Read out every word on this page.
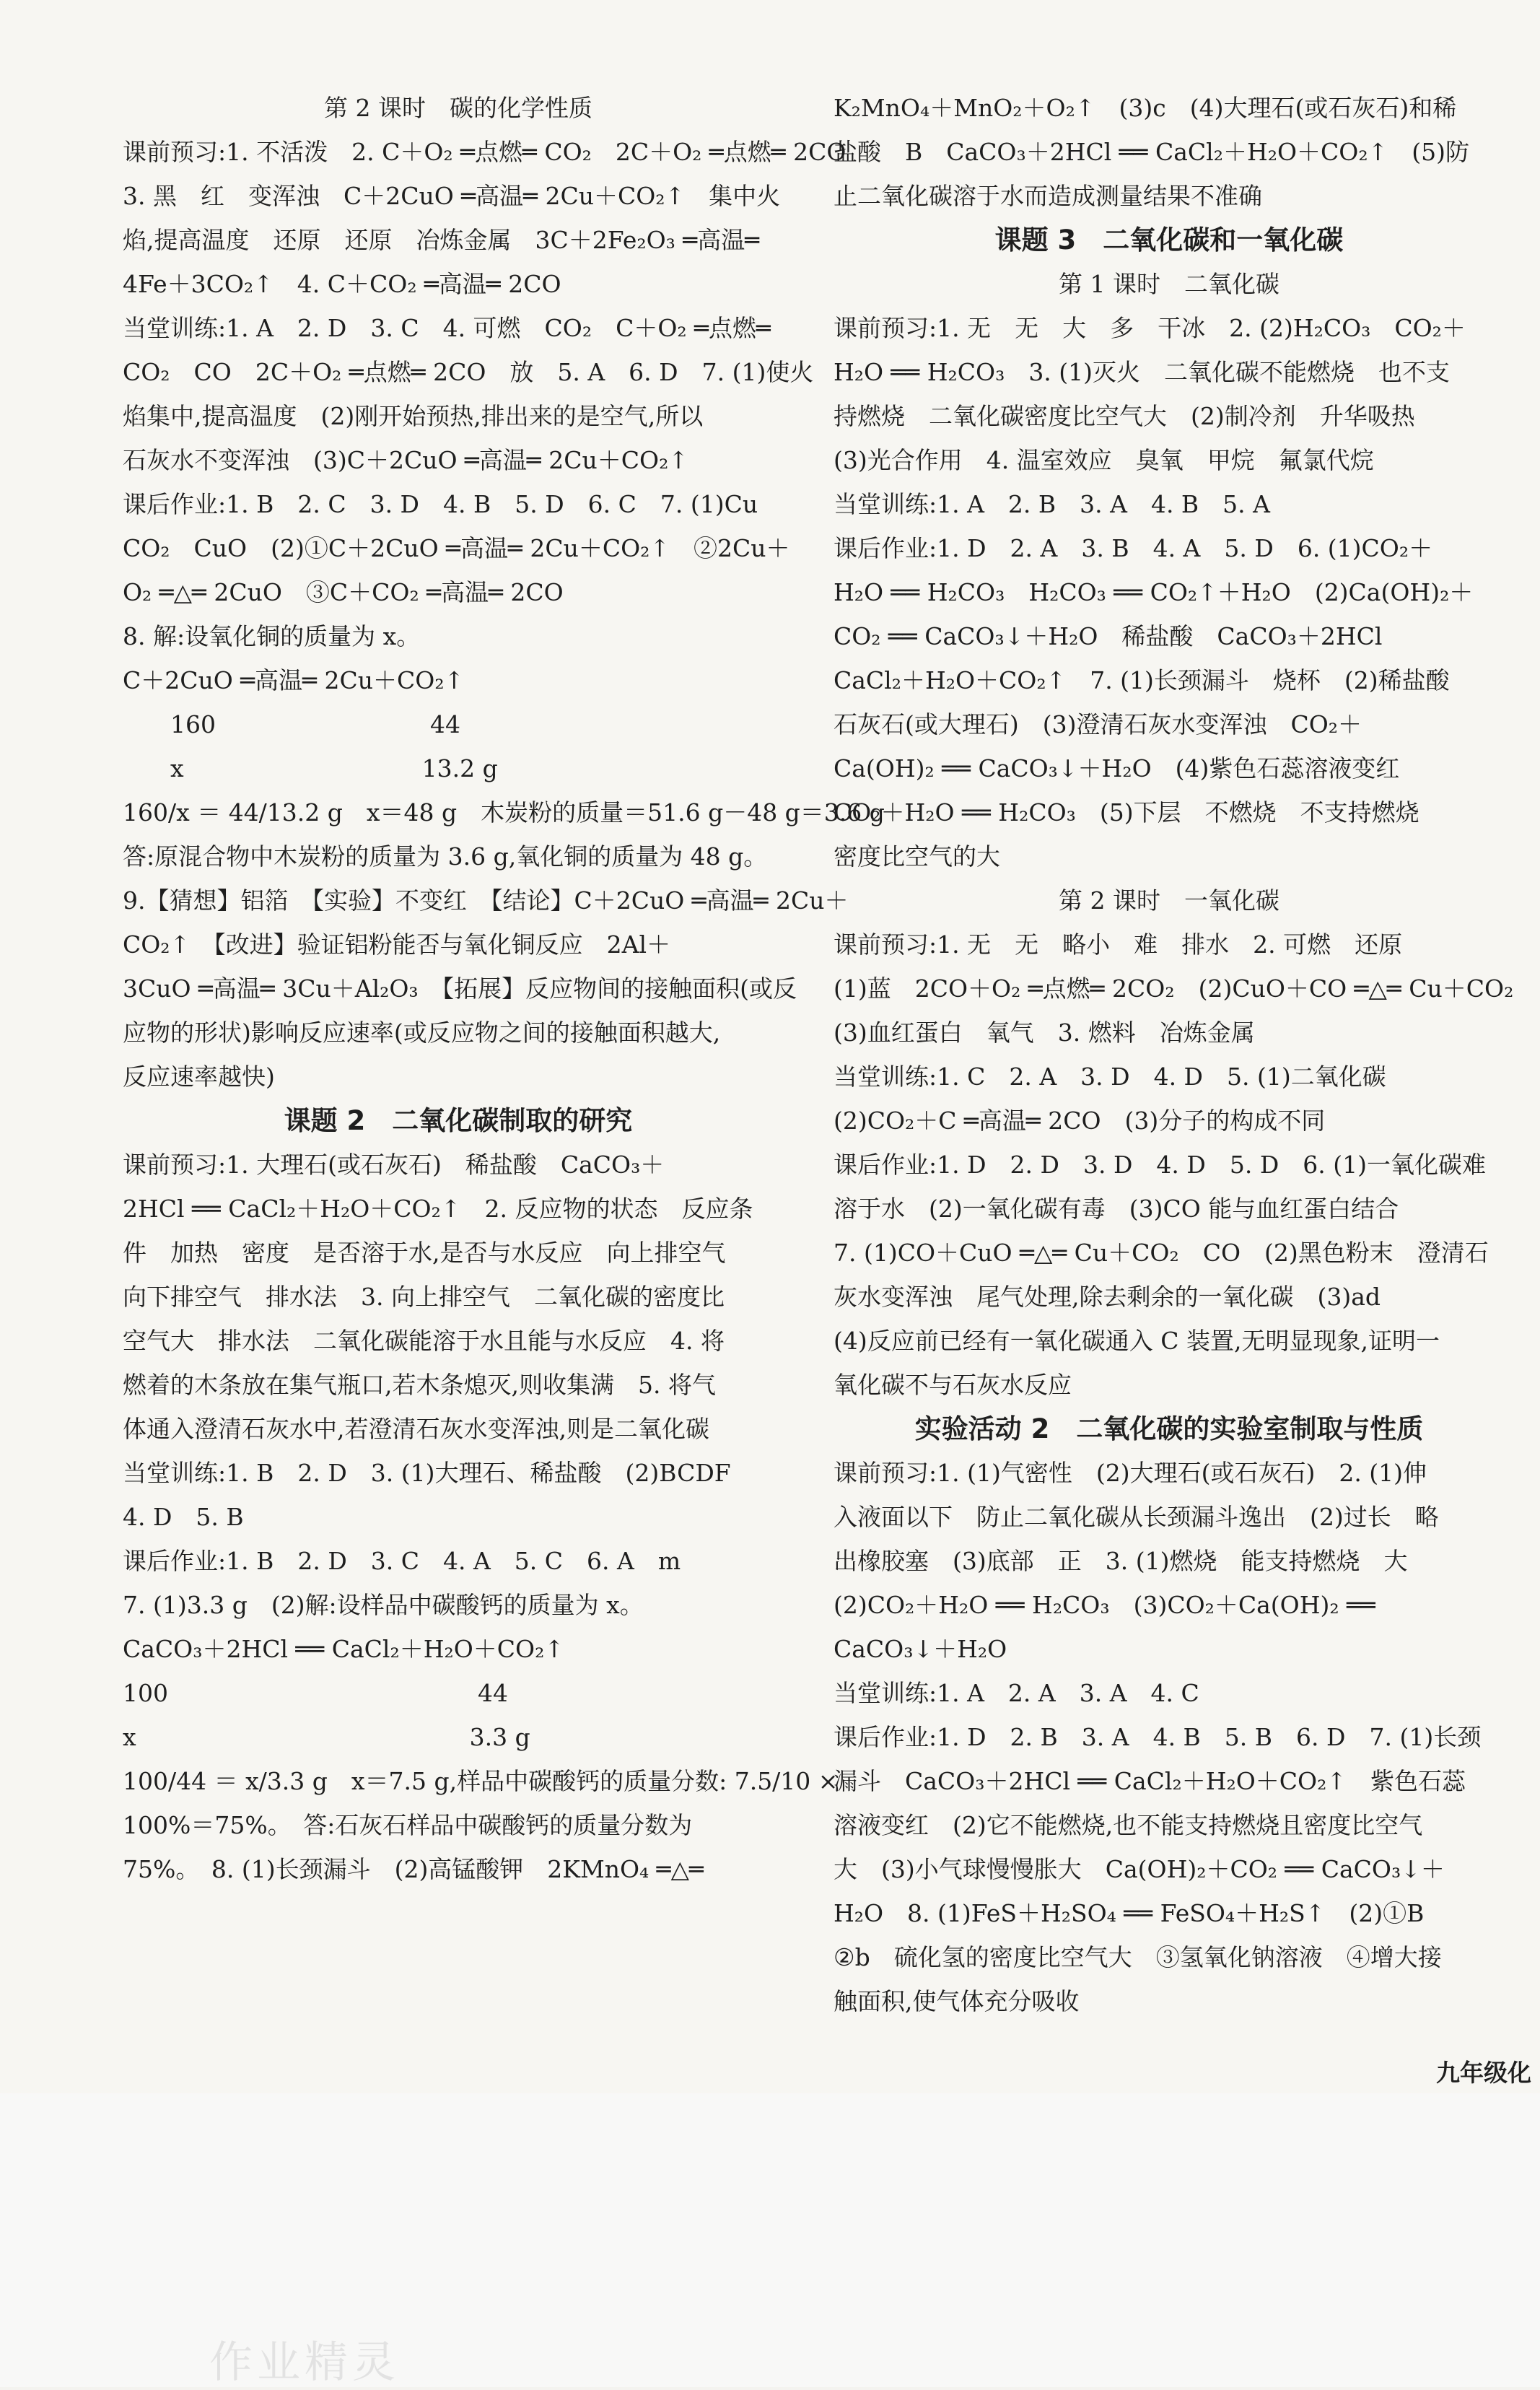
第 2 课时　碳的化学性质
课前预习:1. 不活泼　2. C＋O₂ ═点燃═ CO₂　2C＋O₂ ═点燃═ 2CO
3. 黑　红　变浑浊　C＋2CuO ═高温═ 2Cu＋CO₂↑　集中火
焰,提高温度　还原　还原　冶炼金属　3C＋2Fe₂O₃ ═高温═
4Fe＋3CO₂↑　4. C＋CO₂ ═高温═ 2CO
当堂训练:1. A　2. D　3. C　4. 可燃　CO₂　C＋O₂ ═点燃═
CO₂　CO　2C＋O₂ ═点燃═ 2CO　放　5. A　6. D　7. (1)使火
焰集中,提高温度　(2)刚开始预热,排出来的是空气,所以
石灰水不变浑浊　(3)C＋2CuO ═高温═ 2Cu＋CO₂↑
课后作业:1. B　2. C　3. D　4. B　5. D　6. C　7. (1)Cu
CO₂　CuO　(2)①C＋2CuO ═高温═ 2Cu＋CO₂↑　②2Cu＋
O₂ ═△═ 2CuO　③C＋CO₂ ═高温═ 2CO
8. 解:设氧化铜的质量为 x。
C＋2CuO ═高温═ 2Cu＋CO₂↑
　　160　　　　　　　　　44
　　x　　　　　　　　　　13.2 g
160/x ＝ 44/13.2 g　x＝48 g　木炭粉的质量＝51.6 g－48 g＝3.6 g
答:原混合物中木炭粉的质量为 3.6 g,氧化铜的质量为 48 g。
9.【猜想】铝箔　【实验】不变红　【结论】C＋2CuO ═高温═ 2Cu＋
CO₂↑　【改进】验证铝粉能否与氧化铜反应　2Al＋
3CuO ═高温═ 3Cu＋Al₂O₃　【拓展】反应物间的接触面积(或反
应物的形状)影响反应速率(或反应物之间的接触面积越大,
反应速率越快)
课题 2　二氧化碳制取的研究
课前预习:1. 大理石(或石灰石)　稀盐酸　CaCO₃＋
2HCl ══ CaCl₂＋H₂O＋CO₂↑　2. 反应物的状态　反应条
件　加热　密度　是否溶于水,是否与水反应　向上排空气
向下排空气　排水法　3. 向上排空气　二氧化碳的密度比
空气大　排水法　二氧化碳能溶于水且能与水反应　4. 将
燃着的木条放在集气瓶口,若木条熄灭,则收集满　5. 将气
体通入澄清石灰水中,若澄清石灰水变浑浊,则是二氧化碳
当堂训练:1. B　2. D　3. (1)大理石、稀盐酸　(2)BCDF
4. D　5. B
课后作业:1. B　2. D　3. C　4. A　5. C　6. A　m
7. (1)3.3 g　(2)解:设样品中碳酸钙的质量为 x。
CaCO₃＋2HCl ══ CaCl₂＋H₂O＋CO₂↑
100　　　　　　　　　　　　　44
x　　　　　　　　　　　　　　3.3 g
100/44 ＝ x/3.3 g　x＝7.5 g,样品中碳酸钙的质量分数: 7.5/10 ×
100%＝75%。　答:石灰石样品中碳酸钙的质量分数为
75%。　8. (1)长颈漏斗　(2)高锰酸钾　2KMnO₄ ═△═
K₂MnO₄＋MnO₂＋O₂↑　(3)c　(4)大理石(或石灰石)和稀
盐酸　B　CaCO₃＋2HCl ══ CaCl₂＋H₂O＋CO₂↑　(5)防
止二氧化碳溶于水而造成测量结果不准确
课题 3　二氧化碳和一氧化碳
第 1 课时　二氧化碳
课前预习:1. 无　无　大　多　干冰　2. (2)H₂CO₃　CO₂＋
H₂O ══ H₂CO₃　3. (1)灭火　二氧化碳不能燃烧　也不支
持燃烧　二氧化碳密度比空气大　(2)制冷剂　升华吸热
(3)光合作用　4. 温室效应　臭氧　甲烷　氟氯代烷
当堂训练:1. A　2. B　3. A　4. B　5. A
课后作业:1. D　2. A　3. B　4. A　5. D　6. (1)CO₂＋
H₂O ══ H₂CO₃　H₂CO₃ ══ CO₂↑＋H₂O　(2)Ca(OH)₂＋
CO₂ ══ CaCO₃↓＋H₂O　稀盐酸　CaCO₃＋2HCl
CaCl₂＋H₂O＋CO₂↑　7. (1)长颈漏斗　烧杯　(2)稀盐酸
石灰石(或大理石)　(3)澄清石灰水变浑浊　CO₂＋
Ca(OH)₂ ══ CaCO₃↓＋H₂O　(4)紫色石蕊溶液变红
CO₂＋H₂O ══ H₂CO₃　(5)下层　不燃烧　不支持燃烧
密度比空气的大
第 2 课时　一氧化碳
课前预习:1. 无　无　略小　难　排水　2. 可燃　还原
(1)蓝　2CO＋O₂ ═点燃═ 2CO₂　(2)CuO＋CO ═△═ Cu＋CO₂
(3)血红蛋白　氧气　3. 燃料　冶炼金属
当堂训练:1. C　2. A　3. D　4. D　5. (1)二氧化碳
(2)CO₂＋C ═高温═ 2CO　(3)分子的构成不同
课后作业:1. D　2. D　3. D　4. D　5. D　6. (1)一氧化碳难
溶于水　(2)一氧化碳有毒　(3)CO 能与血红蛋白结合
7. (1)CO＋CuO ═△═ Cu＋CO₂　CO　(2)黑色粉末　澄清石
灰水变浑浊　尾气处理,除去剩余的一氧化碳　(3)ad
(4)反应前已经有一氧化碳通入 C 装置,无明显现象,证明一
氧化碳不与石灰水反应
实验活动 2　二氧化碳的实验室制取与性质
课前预习:1. (1)气密性　(2)大理石(或石灰石)　2. (1)伸
入液面以下　防止二氧化碳从长颈漏斗逸出　(2)过长　略
出橡胶塞　(3)底部　正　3. (1)燃烧　能支持燃烧　大
(2)CO₂＋H₂O ══ H₂CO₃　(3)CO₂＋Ca(OH)₂ ══
CaCO₃↓＋H₂O
当堂训练:1. A　2. A　3. A　4. C
课后作业:1. D　2. B　3. A　4. B　5. B　6. D　7. (1)长颈
漏斗　CaCO₃＋2HCl ══ CaCl₂＋H₂O＋CO₂↑　紫色石蕊
溶液变红　(2)它不能燃烧,也不能支持燃烧且密度比空气
大　(3)小气球慢慢胀大　Ca(OH)₂＋CO₂ ══ CaCO₃↓＋
H₂O　8. (1)FeS＋H₂SO₄ ══ FeSO₄＋H₂S↑　(2)①B
②b　硫化氢的密度比空气大　③氢氧化钠溶液　④增大接
触面积,使气体充分吸收
九年级化
作业精灵
